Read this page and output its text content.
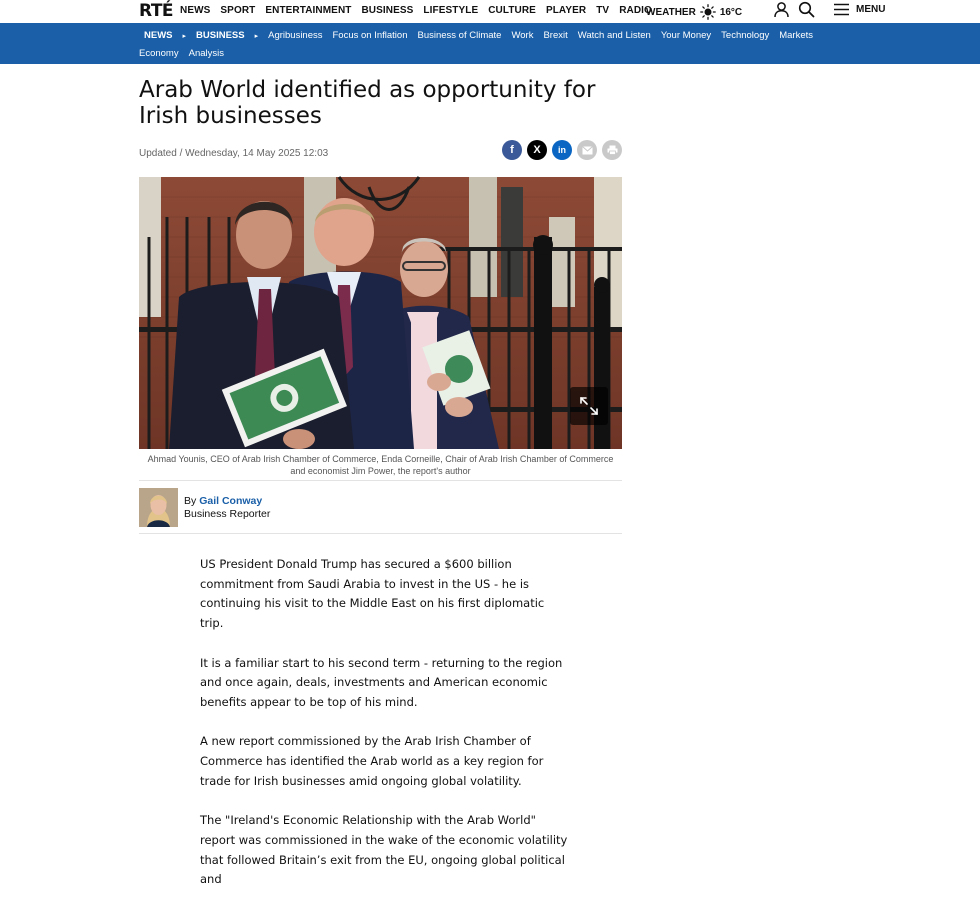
RTÉ NEWS SPORT ENTERTAINMENT BUSINESS LIFESTYLE CULTURE PLAYER TV RADIO
WEATHER 16°C	MENU
NEWS ▸ BUSINESS ▸ Agribusiness Focus on Inflation Business of Climate Work Brexit Watch and Listen Your Money Technology Markets
Economy Analysis
Arab World identified as opportunity for Irish businesses
Updated / Wednesday, 14 May 2025 12:03	f X in
Ahmad Younis, CEO of Arab Irish Chamber of Commerce, Enda Corneille, Chair of Arab Irish Chamber of Commerce and economist Jim Power, the report's author
By Gail Conway
Business Reporter

US President Donald Trump has secured a $600 billion commitment from Saudi Arabia to invest in the US - he is continuing his visit to the Middle East on his first diplomatic trip.

It is a familiar start to his second term - returning to the region and once again, deals, investments and American economic benefits appear to be top of his mind.

A new report commissioned by the Arab Irish Chamber of Commerce has identified the Arab world as a key region for trade for Irish businesses amid ongoing global volatility.

The "Ireland's Economic Relationship with the Arab World" report was commissioned in the wake of the economic volatility that followed Britain’s exit from the EU, ongoing global political and
